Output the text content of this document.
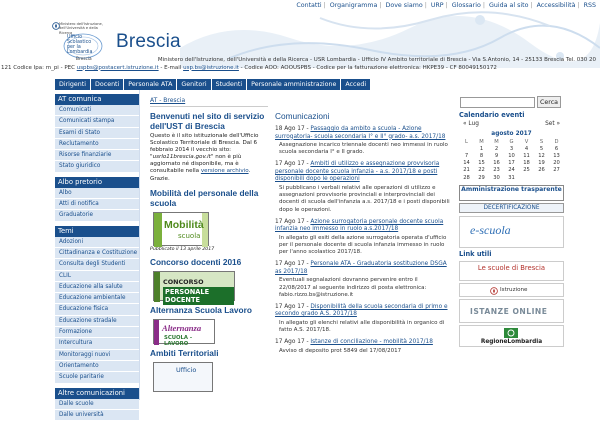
Contatti | Organigramma | Dove siamo | URP | Glossario | Guida al sito | Accessibilità | RSS
Ministero dell'Istruzione,
dell'Università e della Ricerca
Ufficio
Scolastico
per la
Lombardia
Brescia
Brescia
Ministero dell'Istruzione, dell'Università e della Ricerca - USR Lombardia - Ufficio IV Ambito territoriale di Brescia - Via S.Antonio, 14 - 25133 Brescia Tel. 030 20
121 Codice Ipa: m_pi - PEC uspbs@postacert.istruzione.it - E-mail usp.bs@istruzione.it - Codice AOO: AOOUSPBS - Codice per la fatturazione elettronica: HKPE39 - CF 80049150172
Dirigenti	Docenti	Personale ATA	Genitori	Studenti	Personale amministrazione	Accedi
Cerca
AT comunica
Comunicati
Comunicati stampa
Esami di Stato
Reclutamento
Risorse finanziarie
Stato giuridico
Albo pretorio
Albo
Atti di notifica
Graduatorie
Temi
Adozioni
Cittadinanza e Costituzione
Consulta degli Studenti
CLIL
Educazione alla salute
Educazione ambientale
Educazione fisica
Educazione stradale
Formazione
Intercultura
Monitoraggi nuovi
Orientamento
Scuole paritarie
Altre comunicazioni
Dalle scuole
Dalle università
AT - Brescia
Benvenuti nel sito di servizio dell'UST di Brescia
Questo è il sito istituzionale dell'Ufficio Scolastico Territoriale di Brescia. Dal 6 febbraio 2014 il vecchio sito: "usrlo11brescia.gov.it" non è più aggiornato né disponibile, ma è consultabile nella versione archivio. Grazie.
Mobilità del personale della scuola
Mobilità
scuola
Pubblicato il 13 aprile 2017
Concorso docenti 2016
CONCORSO
PERSONALE DOCENTE
Alternanza Scuola Lavoro
Alternanza
SCUOLA - LAVORO
Ambiti Territoriali
Ufficio
Comunicazioni
18 Ago 17 - Passaggio da ambito a scuola - Azione surrogatoria- scuola secondaria I° e II° grado- a.s. 2017/18
Assegnazione incarico triennale docenti neo immessi in ruolo scuola secondaria I° e II grado.
17 Ago 17 - Ambiti di utilizzo e assegnazione provvisoria personale docente scuola infanzia - a.s. 2017/18 e posti disponibili dopo le operazioni
Si pubblicano i verbali relativi alle operazioni di utilizzo e assegnazioni provvisorie provinciali e interprovinciali dei docenti di scuola dell'infanzia a.s. 2017/18 e i posti disponibili dopo le operazioni.
17 Ago 17 - Azione surrogatoria personale docente scuola infanzia neo immesso in ruolo a.s.2017/18
In allegato gli esiti della azione surrogatoria operata d'ufficio per il personale docente di scuola infanzia immesso in ruolo per l'anno scolastico 2017/18.
17 Ago 17 - Personale ATA - Graduatoria sostituzione DSGA as 2017/18
Eventuali segnalazioni dovranno pervenire entro il 22/08/2017 al seguente indirizzo di posta elettronica: fabio.rizzo.bs@istruzione.it
17 Ago 17 - Disponibilità della scuola secondaria di primo e secondo grado A.S. 2017/18
In allegato gli elenchi relativi alle disponibilità in organico di fatto A.S. 2017/18.
17 Ago 17 - Istanze di conciliazione - mobilità 2017/18
Avviso di deposito prot 5849 del 17/08/2017
Calendario eventi
« Lug	Set »
agosto 2017
L	M	M	G	V	S	D
	1	2	3	4	5	6
7	8	9	10	11	12	13
14	15	16	17	18	19	20
21	22	23	24	25	26	27
28	29	30	31			
Amministrazione trasparente
DECERTIFICAZIONE
e-scuola
Link utili
Le scuole di Brescia
Istruzione
ISTANZE ONLINE
RegioneLombardia
